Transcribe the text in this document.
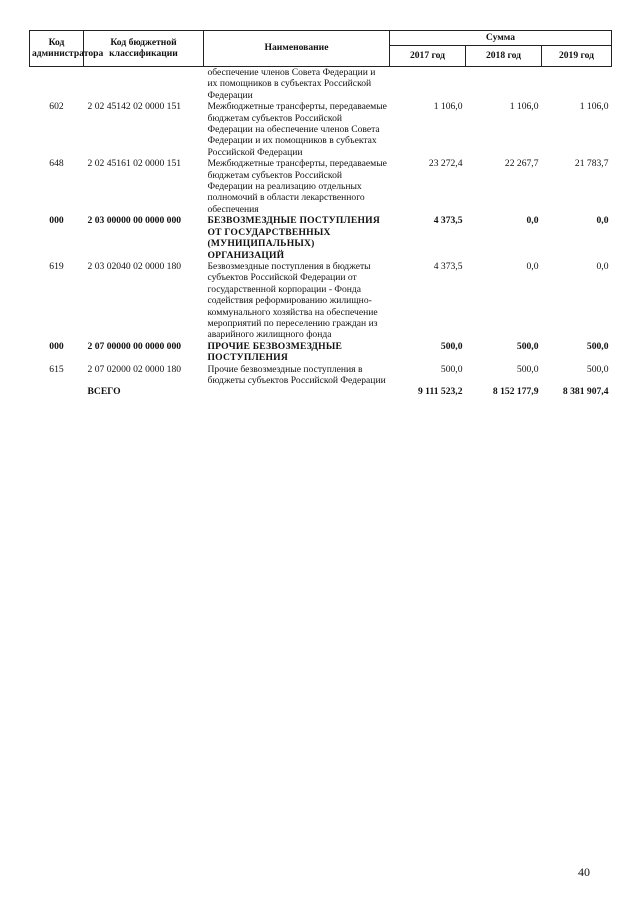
Код администратора	Код бюджетной классификации	Наименование	Сумма		
			2017 год	2018 год	2019 год
		обеспечение членов Совета Федерации и их помощников в субъектах Российской Федерации			
602	2 02 45142 02 0000 151	Межбюджетные трансферты, передаваемые бюджетам субъектов Российской Федерации на обеспечение членов Совета Федерации и их помощников в субъектах Российской Федерации	1 106,0	1 106,0	1 106,0
648	2 02 45161 02 0000 151	Межбюджетные трансферты, передаваемые бюджетам субъектов Российской Федерации на реализацию отдельных полномочий в области лекарственного обеспечения	23 272,4	22 267,7	21 783,7
000	2 03 00000 00 0000 000	БЕЗВОЗМЕЗДНЫЕ ПОСТУПЛЕНИЯ ОТ ГОСУДАРСТВЕННЫХ (МУНИЦИПАЛЬНЫХ) ОРГАНИЗАЦИЙ	4 373,5	0,0	0,0
619	2 03 02040 02 0000 180	Безвозмездные поступления в бюджеты субъектов Российской Федерации от государственной корпорации - Фонда содействия реформированию жилищно-коммунального хозяйства на обеспечение мероприятий по переселению граждан из аварийного жилищного фонда	4 373,5	0,0	0,0
000	2 07 00000 00 0000 000	ПРОЧИЕ БЕЗВОЗМЕЗДНЫЕ ПОСТУПЛЕНИЯ	500,0	500,0	500,0
615	2 07 02000 02 0000 180	Прочие безвозмездные поступления в бюджеты субъектов Российской Федерации	500,0	500,0	500,0
	ВСЕГО		9 111 523,2	8 152 177,9	8 381 907,4
40
